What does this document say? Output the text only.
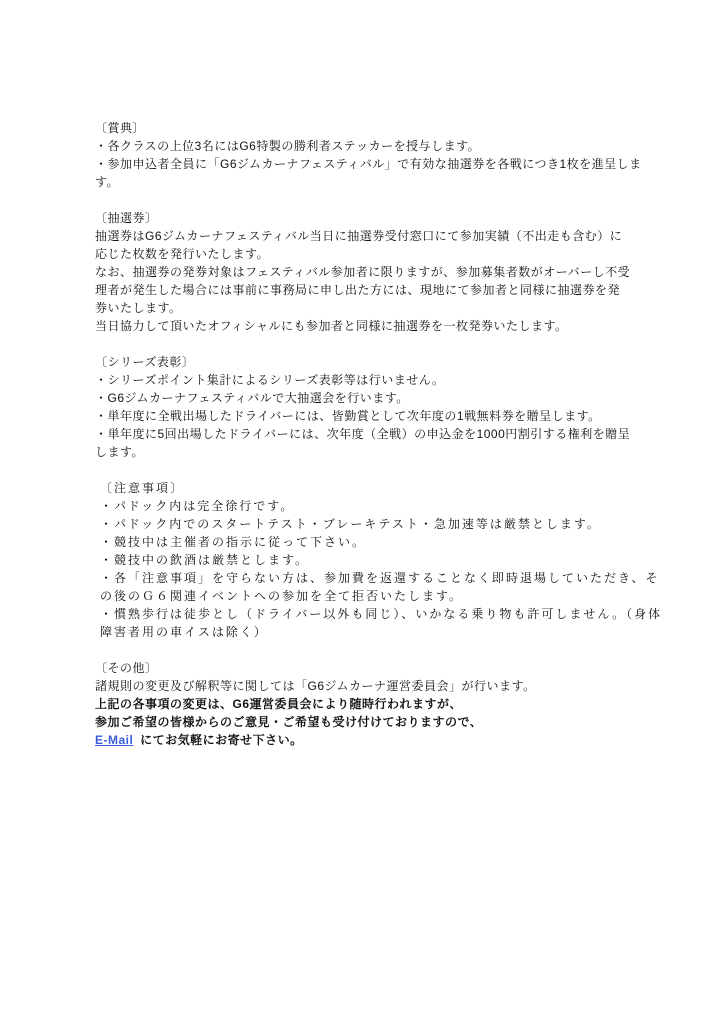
〔賞典〕
・各クラスの上位3名にはG6特製の勝利者ステッカーを授与します。
・参加申込者全員に「G6ジムカーナフェスティバル」で有効な抽選券を各戦につき1枚を進呈しま
す。
〔抽選券〕
抽選券はG6ジムカーナフェスティバル当日に抽選券受付窓口にて参加実績（不出走も含む）に
応じた枚数を発行いたします。
なお、抽選券の発券対象はフェスティバル参加者に限りますが、参加募集者数がオーバーし不受
理者が発生した場合には事前に事務局に申し出た方には、現地にて参加者と同様に抽選券を発
券いたします。
当日協力して頂いたオフィシャルにも参加者と同様に抽選券を一枚発券いたします。
〔シリーズ表彰〕
・シリーズポイント集計によるシリーズ表彰等は行いません。
・G6ジムカーナフェスティバルで大抽選会を行います。
・単年度に全戦出場したドライバーには、皆勤賞として次年度の1戦無料券を贈呈します。
・単年度に5回出場したドライバーには、次年度（全戦）の申込金を1000円割引する権利を贈呈
します。
〔注意事項〕
・パドック内は完全徐行です。
・パドック内でのスタートテスト・ブレーキテスト・急加速等は厳禁とします。
・競技中は主催者の指示に従って下さい。
・競技中の飲酒は厳禁とします。
・各「注意事項」を守らない方は、参加費を返還することなく即時退場していただき、そ
の後のＧ６関連イベントへの参加を全て拒否いたします。
・慣熟歩行は徒歩とし（ドライバー以外も同じ）、いかなる乗り物も許可しません。（身体
障害者用の車イスは除く）
〔その他〕
諸規則の変更及び解釈等に関しては「G6ジムカーナ運営委員会」が行います。
上記の各事項の変更は、G6運営委員会により随時行われますが、
参加ご希望の皆様からのご意見・ご希望も受け付けておりますので、
E-Mail にてお気軽にお寄せ下さい。
